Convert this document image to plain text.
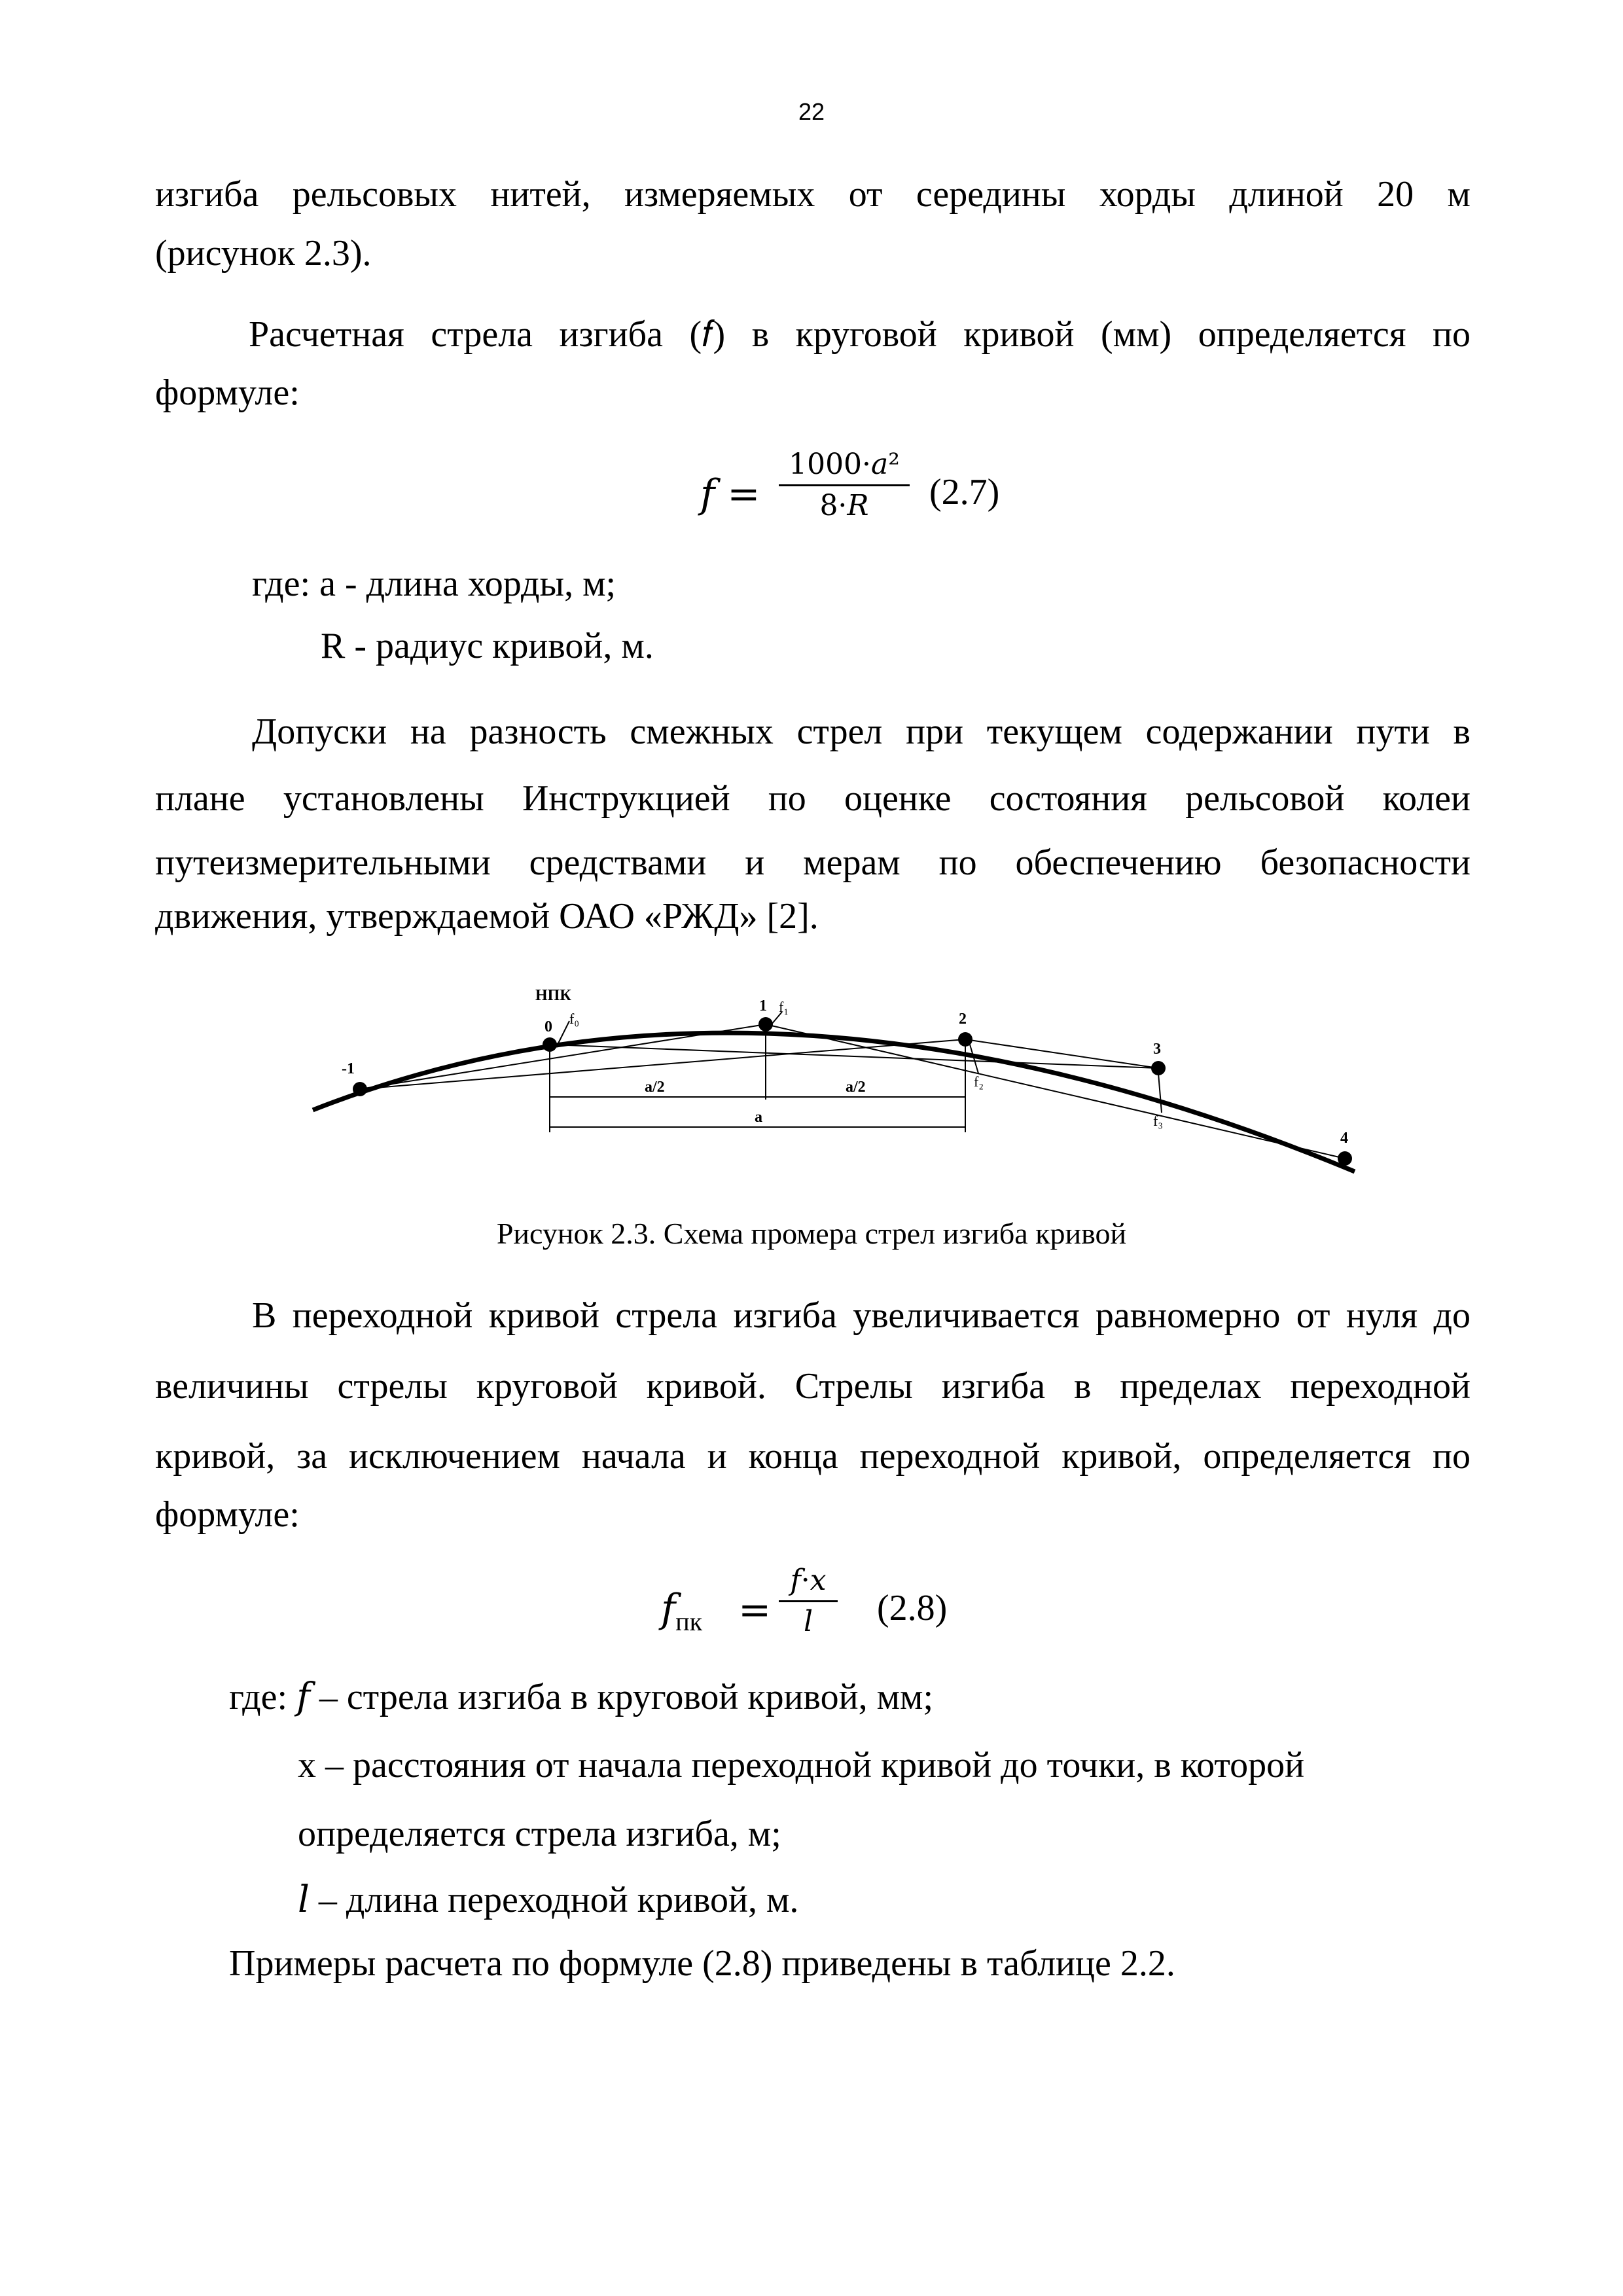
22
изгиба рельсовых нитей, измеряемых от середины хорды длиной 20 м
(рисунок 2.3).
Расчетная стрела изгиба (𝑓) в круговой кривой (мм) определяется по
формуле:
𝑓 =
1000·𝑎²
8·𝑅	(2.7)
где: а - длина хорды, м;
R - радиус кривой, м.
Допуски на разность смежных стрел при текущем содержании пути в
плане установлены Инструкцией по оценке состояния рельсовой колеи
путеизмерительными средствами и мерам по обеспечению безопасности
движения, утверждаемой ОАО «РЖД» [2].
НПК
-1
0
1
2
3
4
f₀
f₁
f₂
f₃
a/2	a/2
a
Рисунок 2.3. Схема промера стрел изгиба кривой
В переходной кривой стрела изгиба увеличивается равномерно от нуля до
величины стрелы круговой кривой. Стрелы изгиба в пределах переходной
кривой, за исключением начала и конца переходной кривой, определяется по
формуле:
𝑓$_{пк}$ =
𝑓·𝑥
𝑙	(2.8)
где: 𝑓 – стрела изгиба в круговой кривой, мм;
х – расстояния от начала переходной кривой до точки, в которой
определяется стрела изгиба, м;
𝑙 – длина переходной кривой, м.
Примеры расчета по формуле (2.8) приведены в таблице 2.2.
